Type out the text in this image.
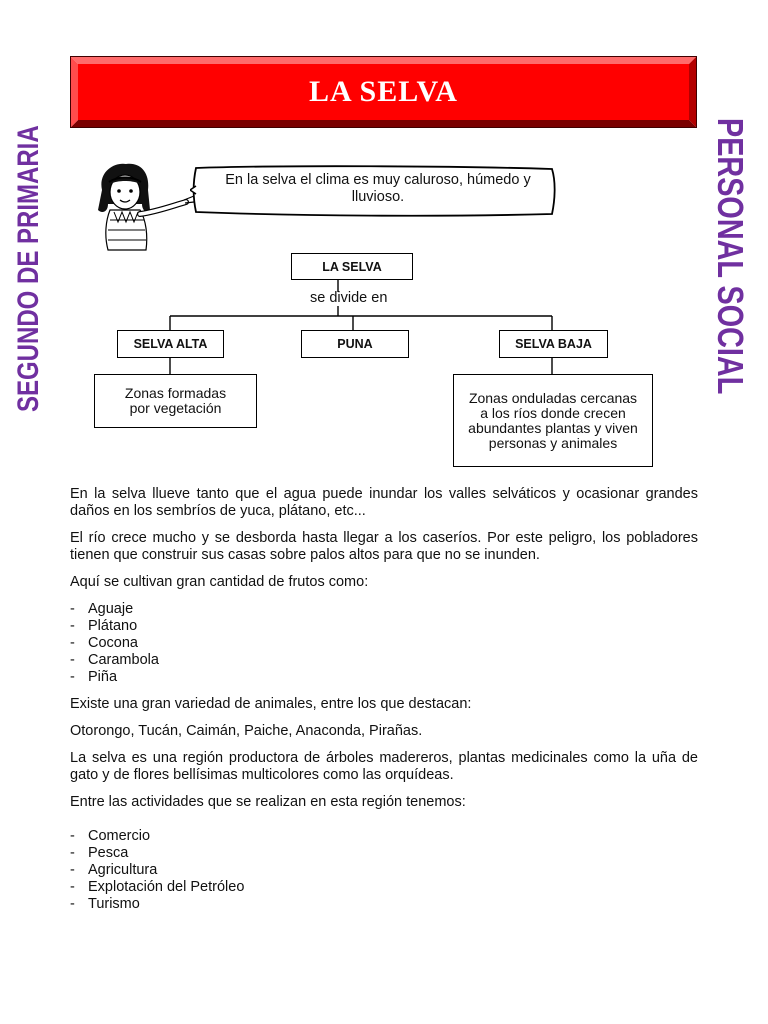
LA SELVA
SEGUNDO DE PRIMARIA	PERSONAL SOCIAL
En la selva el clima es muy caluroso, húmedo y lluvioso.
LA SELVA
se divide en
SELVA ALTA	PUNA	SELVA BAJA
Zonas formadas por vegetación
Zonas onduladas cercanas a los ríos donde crecen abundantes plantas y viven personas y animales

En la selva llueve tanto que el agua puede inundar los valles selváticos y ocasionar grandes daños en los sembríos de yuca, plátano, etc...

El río crece mucho y se desborda hasta llegar a los caseríos. Por este peligro, los pobladores tienen que construir sus casas sobre palos altos para que no se inunden.

Aquí se cultivan gran cantidad de frutos como:

- Aguaje
- Plátano
- Cocona
- Carambola
- Piña

Existe una gran variedad de animales, entre los que destacan:

Otorongo, Tucán, Caimán, Paiche, Anaconda, Pirañas.

La selva es una región productora de árboles madereros, plantas medicinales como la uña de gato y de flores bellísimas multicolores como las orquídeas.

Entre las actividades que se realizan en esta región tenemos:

- Comercio
- Pesca
- Agricultura
- Explotación del Petróleo
- Turismo
